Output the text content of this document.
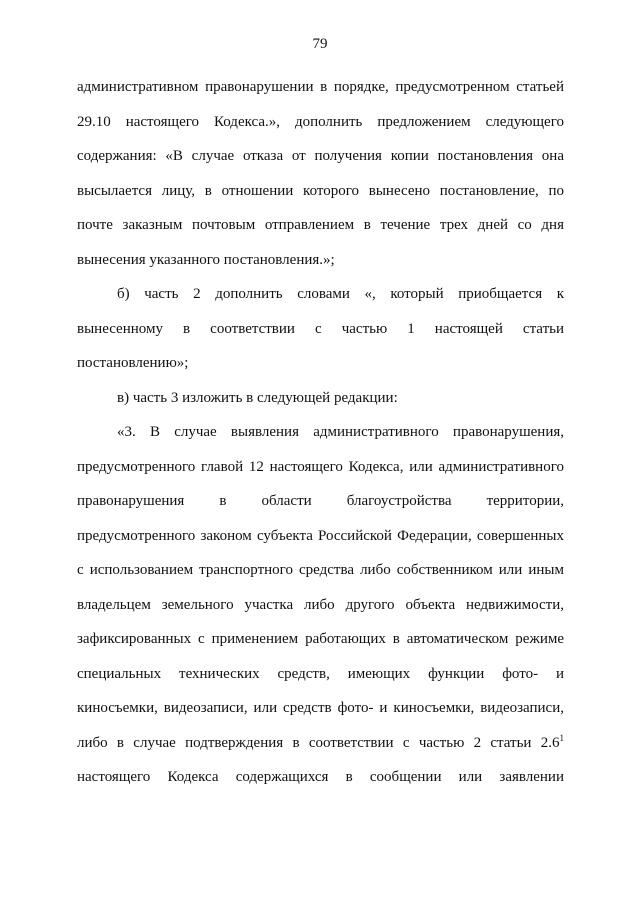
79
административном правонарушении в порядке, предусмотренном статьей
29.10 настоящего Кодекса.», дополнить предложением следующего
содержания: «В случае отказа от получения копии постановления она
высылается лицу, в отношении которого вынесено постановление, по
почте заказным почтовым отправлением в течение трех дней со дня
вынесения указанного постановления.»;
б) часть 2 дополнить словами «, который приобщается к
вынесенному в соответствии с частью 1 настоящей статьи
постановлению»;
в) часть 3 изложить в следующей редакции:
«3. В случае выявления административного правонарушения,
предусмотренного главой 12 настоящего Кодекса, или административного
правонарушения в области благоустройства территории,
предусмотренного законом субъекта Российской Федерации, совершенных
с использованием транспортного средства либо собственником или иным
владельцем земельного участка либо другого объекта недвижимости,
зафиксированных с применением работающих в автоматическом режиме
специальных технических средств, имеющих функции фото- и
киносъемки, видеозаписи, или средств фото- и киносъемки, видеозаписи,
либо в случае подтверждения в соответствии с частью 2 статьи $2.6^1$
настоящего Кодекса содержащихся в сообщении или заявлении
